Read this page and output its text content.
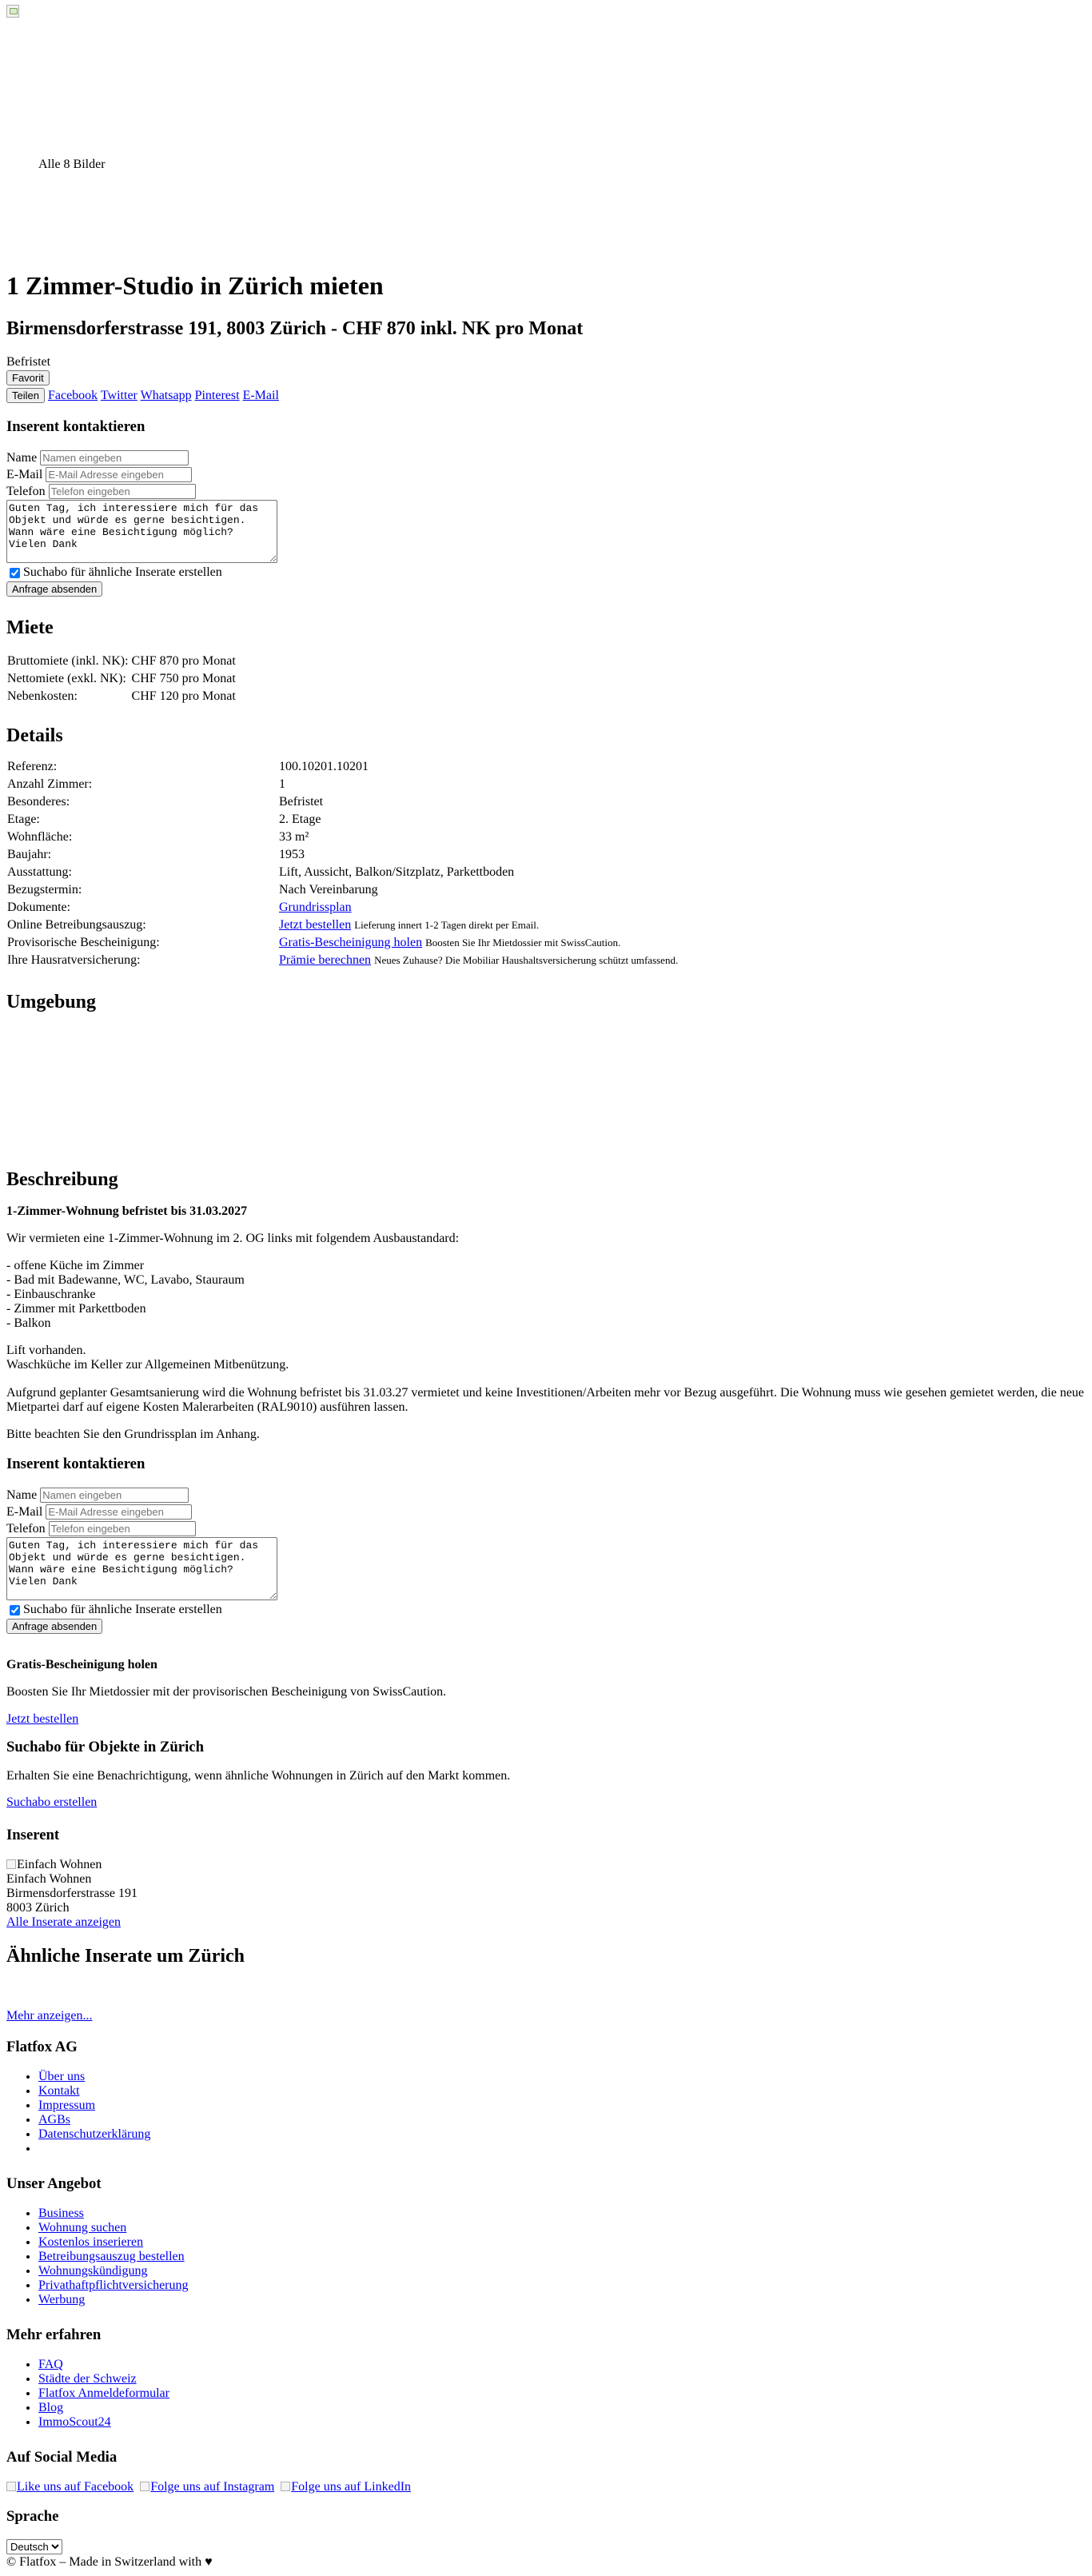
Alle 8 Bilder
1 Zimmer-Studio in Zürich mieten
Birmensdorferstrasse 191, 8003 Zürich - CHF 870 inkl. NK pro Monat
Befristet
Favorit
Teilen Facebook Twitter Whatsapp Pinterest E-Mail
Inserent kontaktieren
Name
Namen eingeben
E-Mail
E-Mail Adresse eingeben
Telefon
Telefon eingeben
Guten Tag, ich interessiere mich für das Objekt und würde es gerne besichtigen. Wann wäre eine Besichtigung möglich? Vielen Dank
Suchabo für ähnliche Inserate erstellen
Anfrage absenden
Miete
Bruttomiete (inkl. NK):	CHF 870 pro Monat
Nettomiete (exkl. NK):	CHF 750 pro Monat
Nebenkosten:	CHF 120 pro Monat
Details
Referenz:	100.10201.10201
Anzahl Zimmer:	1
Besonderes:	Befristet
Etage:	2. Etage
Wohnfläche:	33 m²
Baujahr:	1953
Ausstattung:	Lift, Aussicht, Balkon/Sitzplatz, Parkettboden
Bezugstermin:	Nach Vereinbarung
Dokumente:	Grundrissplan
Online Betreibungsauszug:	Jetzt bestellen Lieferung innert 1-2 Tagen direkt per Email.
Provisorische Bescheinigung:	Gratis-Bescheinigung holen Boosten Sie Ihr Mietdossier mit SwissCaution.
Ihre Hausratversicherung:	Prämie berechnen Neues Zuhause? Die Mobiliar Haushaltsversicherung schützt umfassend.
Umgebung
Beschreibung
1-Zimmer-Wohnung befristet bis 31.03.2027

Wir vermieten eine 1-Zimmer-Wohnung im 2. OG links mit folgendem Ausbaustandard:

- offene Küche im Zimmer
- Bad mit Badewanne, WC, Lavabo, Stauraum
- Einbauschranke
- Zimmer mit Parkettboden
- Balkon
Lift vorhanden.
Waschküche im Keller zur Allgemeinen Mitbenützung.

Aufgrund geplanter Gesamtsanierung wird die Wohnung befristet bis 31.03.27 vermietet und keine Investitionen/Arbeiten mehr vor Bezug ausgeführt. Die Wohnung muss wie gesehen gemietet werden, die neue Mietpartei darf auf eigene Kosten Malerarbeiten (RAL9010) ausführen lassen.

Bitte beachten Sie den Grundrissplan im Anhang.

Inserent kontaktieren
Name
Namen eingeben
E-Mail
E-Mail Adresse eingeben
Telefon
Telefon eingeben
Guten Tag, ich interessiere mich für das Objekt und würde es gerne besichtigen. Wann wäre eine Besichtigung möglich? Vielen Dank
Suchabo für ähnliche Inserate erstellen
Anfrage absenden
Gratis-Bescheinigung holen

Boosten Sie Ihr Mietdossier mit der provisorischen Bescheinigung von SwissCaution.

Jetzt bestellen
Suchabo für Objekte in Zürich

Erhalten Sie eine Benachrichtigung, wenn ähnliche Wohnungen in Zürich auf den Markt kommen.

Suchabo erstellen
Inserent
Einfach Wohnen
Einfach Wohnen
Birmensdorferstrasse 191
8003 Zürich
Alle Inserate anzeigen
Ähnliche Inserate um Zürich
Mehr anzeigen...
Flatfox AG
• Über uns
• Kontakt
• Impressum
• AGBs
• Datenschutzerklärung
•
Unser Angebot
• Business
• Wohnung suchen
• Kostenlos inserieren
• Betreibungsauszug bestellen
• Wohnungskündigung
• Privathaftpflichtversicherung
• Werbung
Mehr erfahren
• FAQ
• Städte der Schweiz
• Flatfox Anmeldeformular
• Blog
• ImmoScout24
Auf Social Media
Like uns auf Facebook Folge uns auf Instagram Folge uns auf LinkedIn
Sprache
Deutsch
© Flatfox – Made in Switzerland with ♥
